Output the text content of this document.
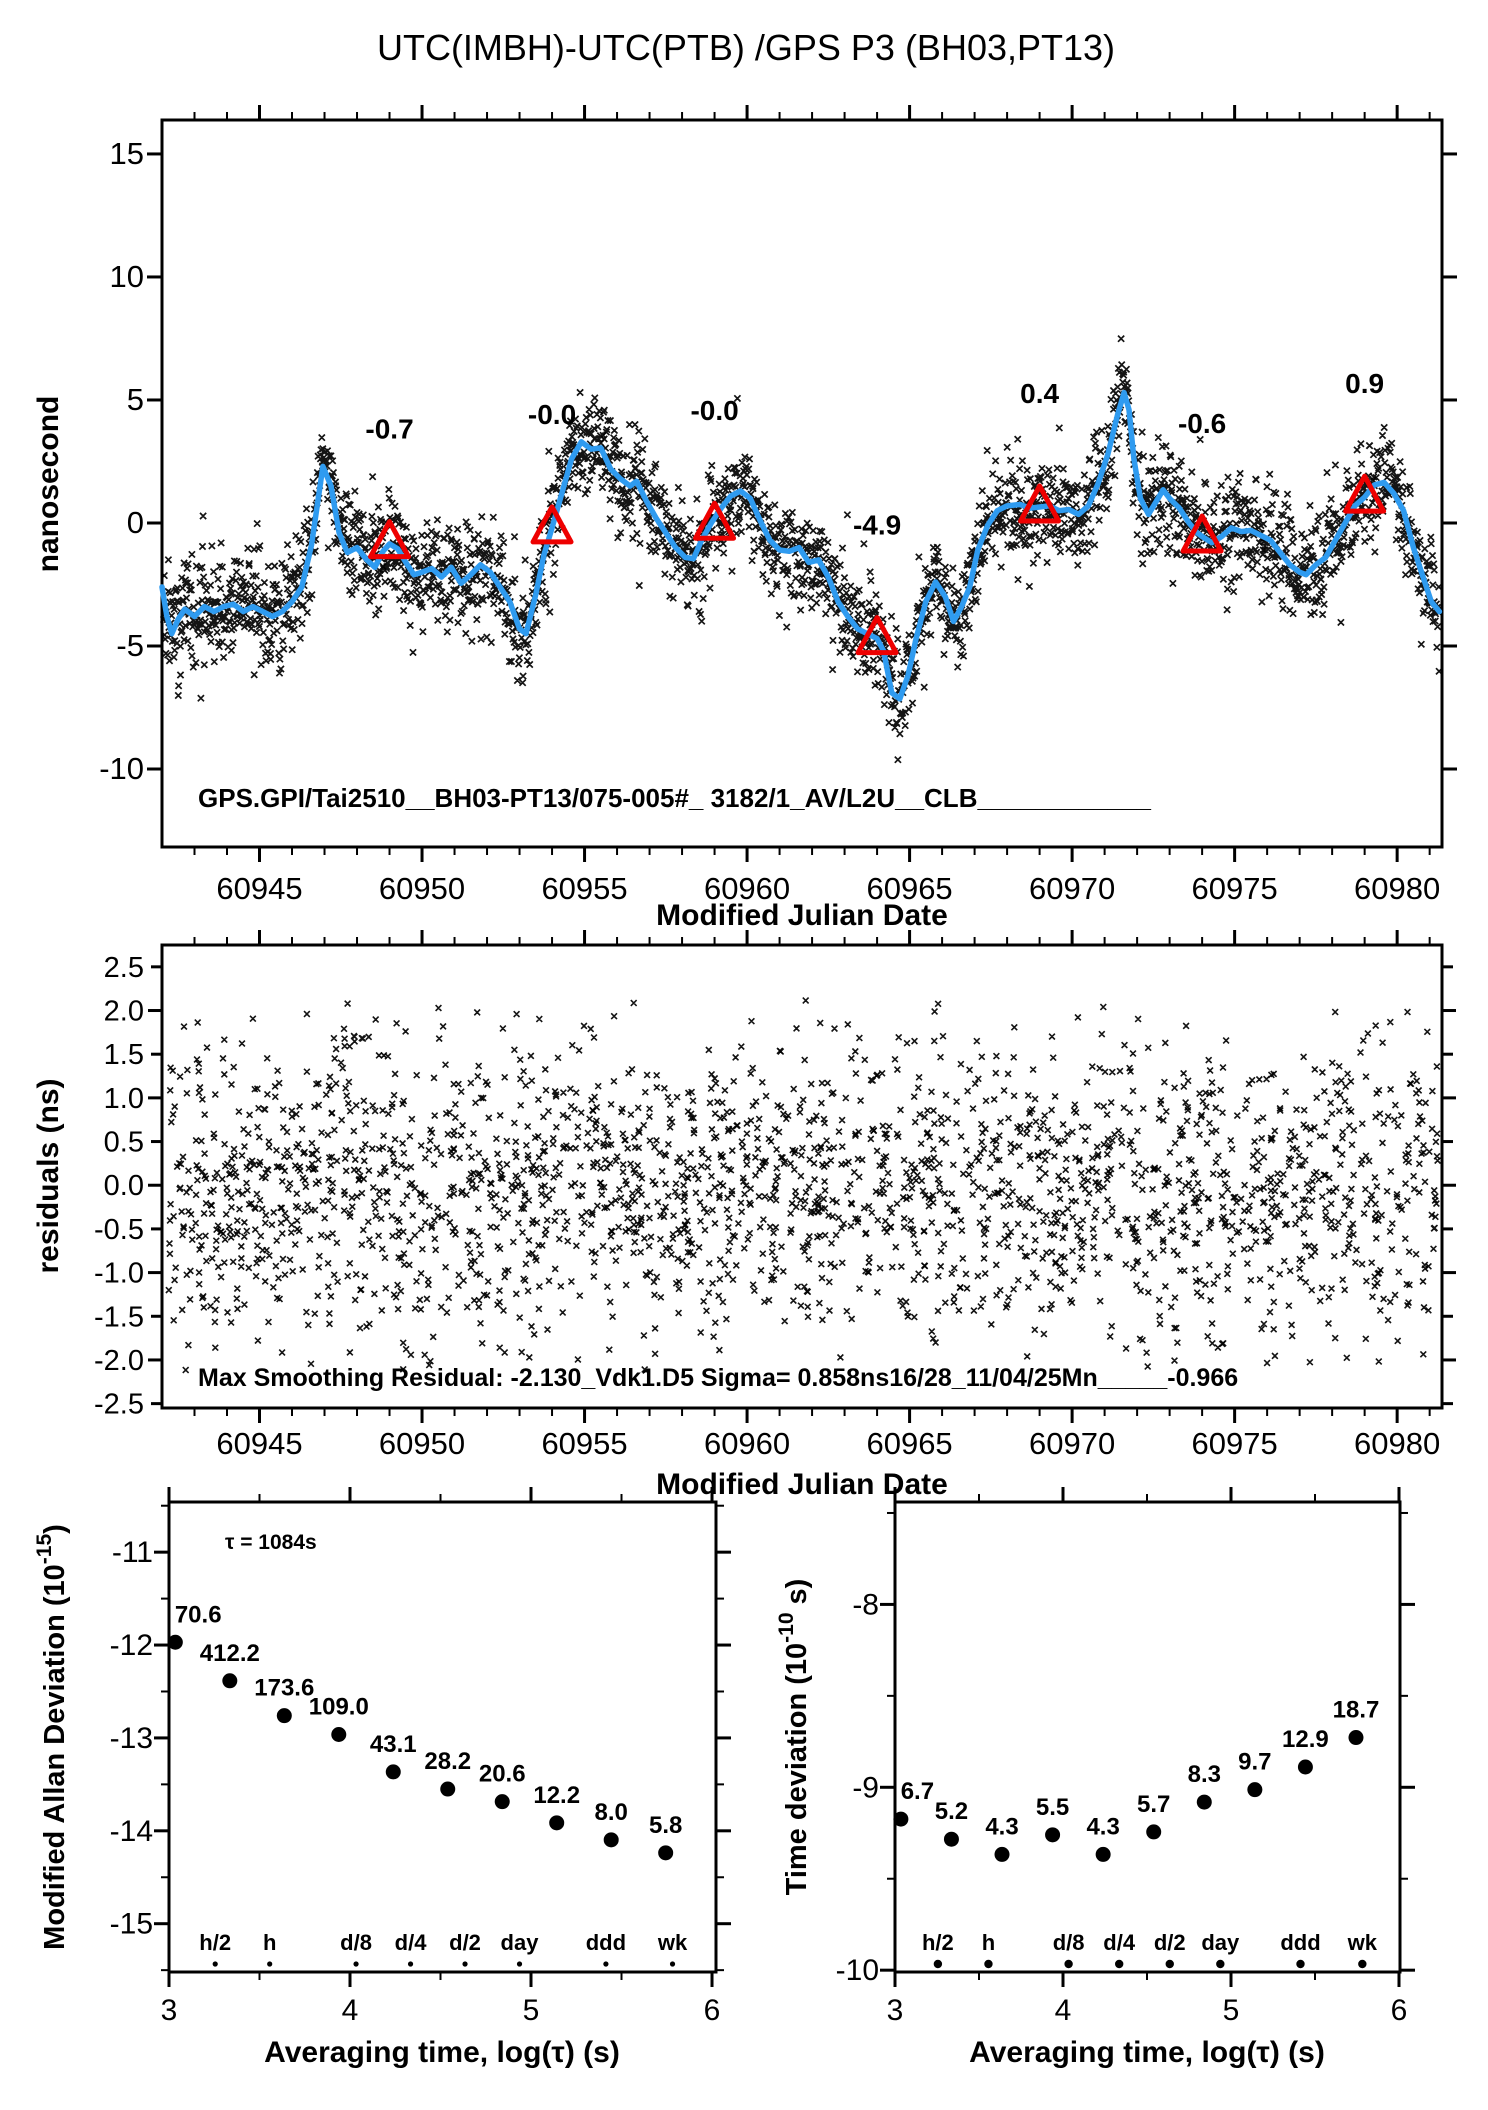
UTC(IMBH)-UTC(PTB) /GPS P3 (BH03,PT13)
60945 60950 60955 60960 60965 60970 60975 60980
-10
-5
0
5
10
15
-0.7	-0.0	-0.0
-4.9
0.4
-0.6
0.9
nanosecond
Modified Julian Date
GPS.GPI/Tai2510__BH03-PT13/075-005#_ 3182/1_AV/L2U__CLB____________
60945 60950 60955 60960 60965 60970 60975 60980
-2.5
-2.0
-1.5
-1.0
-0.5
0.0
0.5
1.0
1.5
2.0
2.5
residuals (ns)
Modified Julian Date
Max Smoothing Residual: -2.130_Vdk1.D5 Sigma= 0.858ns16/28_11/04/25Mn_____-0.966
3	4	5	6
-11
-12
-13
-14
-15
h/2 h	d/8 d/4 d/2 day ddd wk
70.6
412.2
173.6
109.0
43.1
28.2 20.6
12.2
8.0 5.8
Modified Allan Deviation $(10^{-15})$
Averaging time, log(τ) (s)
τ = 1084s
3	4	5	6
-8
-9
-10
h/2 h	d/8 d/4 d/2 day ddd wk
6.7
5.2
4.3
5.5
4.3
5.7
8.3 9.7
12.9
18.7
Time deviation ($10^{-10}$ s)
Averaging time, log(τ) (s)
